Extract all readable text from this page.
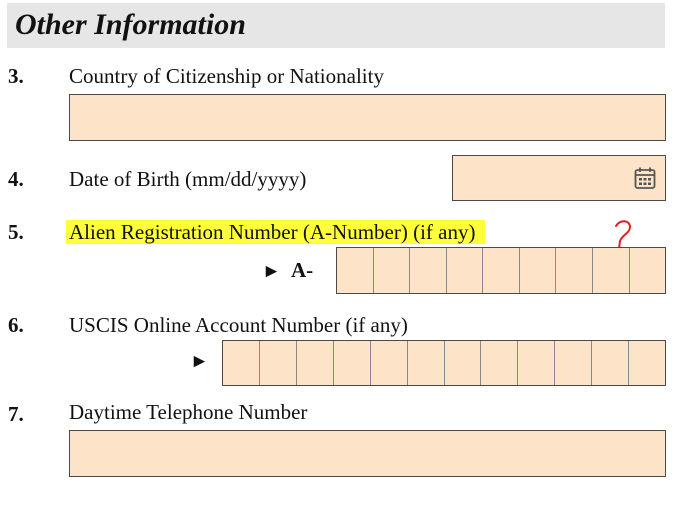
Other Information
3. Country of Citizenship or Nationality
4. Date of Birth (mm/dd/yyyy)
5. Alien Registration Number (A-Number) (if any)
► A-
6. USCIS Online Account Number (if any)
►
7. Daytime Telephone Number
